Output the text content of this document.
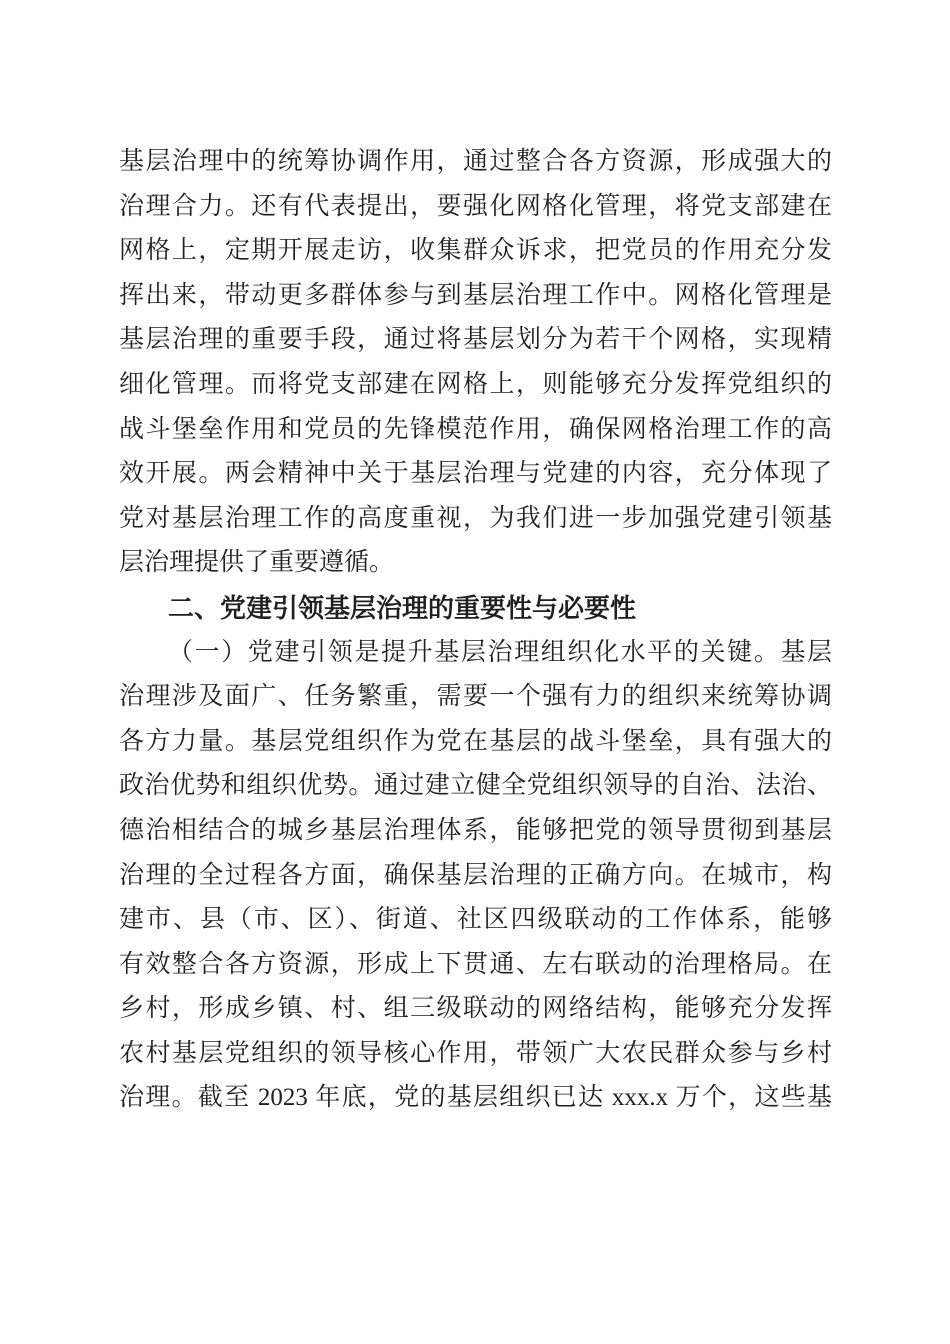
基层治理中的统筹协调作用，通过整合各方资源，形成强大的
治理合力。还有代表提出，要强化网格化管理，将党支部建在
网格上，定期开展走访，收集群众诉求，把党员的作用充分发
挥出来，带动更多群体参与到基层治理工作中。网格化管理是
基层治理的重要手段，通过将基层划分为若干个网格，实现精
细化管理。而将党支部建在网格上，则能够充分发挥党组织的
战斗堡垒作用和党员的先锋模范作用，确保网格治理工作的高
效开展。两会精神中关于基层治理与党建的内容，充分体现了
党对基层治理工作的高度重视，为我们进一步加强党建引领基
层治理提供了重要遵循。
二、党建引领基层治理的重要性与必要性
（一）党建引领是提升基层治理组织化水平的关键。基层
治理涉及面广、任务繁重，需要一个强有力的组织来统筹协调
各方力量。基层党组织作为党在基层的战斗堡垒，具有强大的
政治优势和组织优势。通过建立健全党组织领导的自治、法治、
德治相结合的城乡基层治理体系，能够把党的领导贯彻到基层
治理的全过程各方面，确保基层治理的正确方向。在城市，构
建市、县（市、区）、街道、社区四级联动的工作体系，能够
有效整合各方资源，形成上下贯通、左右联动的治理格局。在
乡村，形成乡镇、村、组三级联动的网络结构，能够充分发挥
农村基层党组织的领导核心作用，带领广大农民群众参与乡村
治理。截至 2023 年底，党的基层组织已达 xxx.x 万个，这些基
